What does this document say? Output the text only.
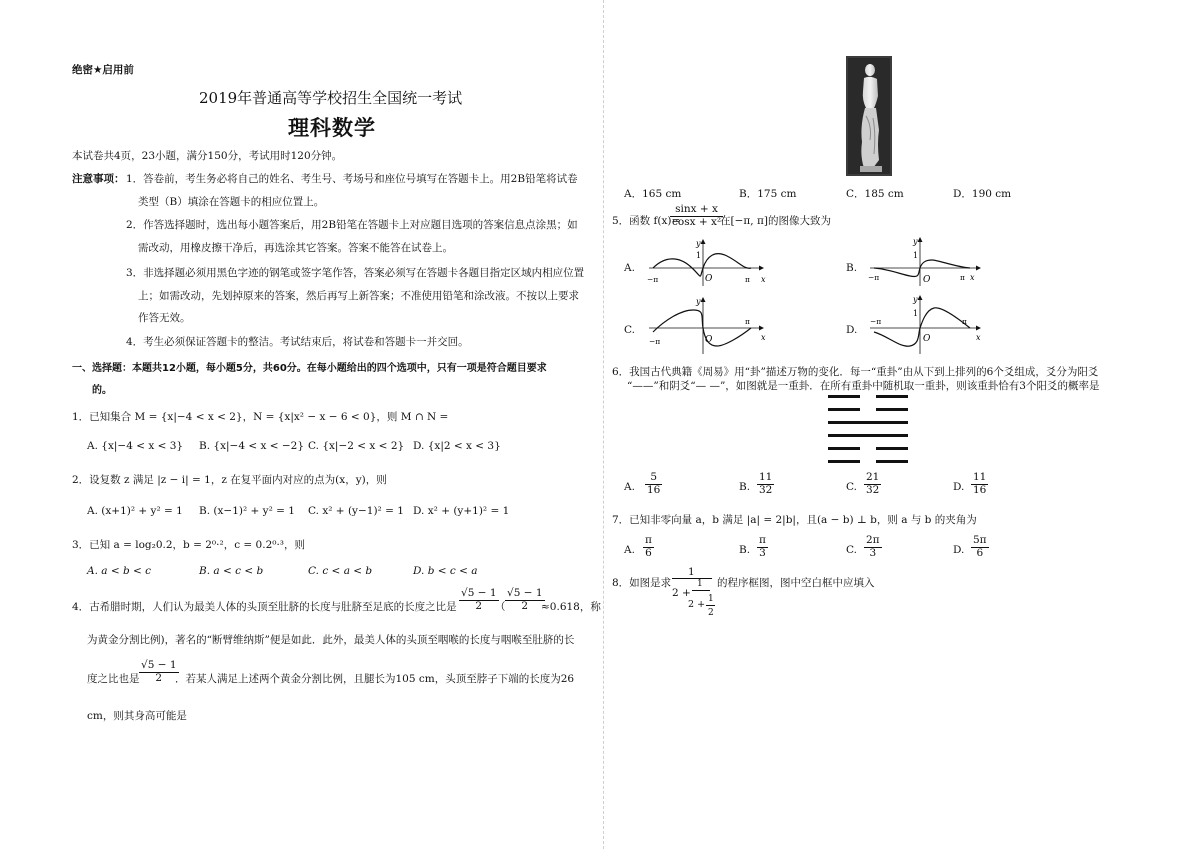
绝密★启用前
2019年普通高等学校招生全国统一考试
理科数学
本试卷共4页，23小题，满分150分，考试用时120分钟。
注意事项： 1．答卷前，考生务必将自己的姓名、考生号、考场号和座位号填写在答题卡上。用2B铅笔将试卷
类型（B）填涂在答题卡的相应位置上。
2．作答选择题时，选出每小题答案后，用2B铅笔在答题卡上对应题目选项的答案信息点涂黑；如
需改动，用橡皮擦干净后，再选涂其它答案。答案不能答在试卷上。
3．非选择题必须用黑色字迹的钢笔或签字笔作答，答案必须写在答题卡各题目指定区域内相应位置
上；如需改动，先划掉原来的答案，然后再写上新答案；不准使用铅笔和涂改液。不按以上要求
作答无效。
4．考生必须保证答题卡的整洁。考试结束后，将试卷和答题卡一并交回。
一、选择题：本题共12小题，每小题5分，共60分。在每小题给出的四个选项中，只有一项是符合题目要求
的。
1．已知集合 M = {x|−4 < x < 2}，N = {x|x² − x − 6 < 0}，则 M ∩ N =
A. {x|−4 < x < 3} B. {x|−4 < x < −2} C. {x|−2 < x < 2} D. {x|2 < x < 3}
2．设复数 z 满足 |z − i| = 1，z 在复平面内对应的点为(x，y)，则
A. (x+1)² + y² = 1 B. (x−1)² + y² = 1 C. x² + (y−1)² = 1 D. x² + (y+1)² = 1
3．已知 a = log₂0.2，b = 2⁰·²，c = 0.2⁰·³，则
A. a < b < c	B. a < c < b	C. c < a < b	D. b < c < a
4．古希腊时期，人们认为最美人体的头顶至肚脐的长度与肚脐至足底的长度之比是 $\frac{√5 - 1}{2}$
（ $\frac{√5 - 1}{2}$
≈0.618，称
为黄金分割比例)，著名的“断臂维纳斯”便是如此．此外，最美人体的头顶至咽喉的长度与咽喉至肚脐的长
度之比也是 $\frac{√5 - 1}{2}$
．若某人满足上述两个黄金分割比例，且腿长为105 cm，头顶至脖子下端的长度为26
cm，则其身高可能是
A．165 cm	B．175 cm	C．185 cm	D．190 cm
5．函数 f(x)=
$\frac{\sin x + x}{\text{cosx + x²}}$
在[−π, π]的图像大致为
A.	B.
C.	D.
y
x
1
O
−π	π
y
x
1
O
−π	π
y
x
O
−π
π
y
x
1
O
−π	π
6．我国古代典籍《周易》用“卦”描述万物的变化．每一“重卦”由从下到上排列的6个爻组成，爻分为阳爻
“——”和阴爻“— —”，如图就是一重卦．在所有重卦中随机取一重卦，则该重卦恰有3个阳爻的概率是
A. $\frac{5}{16}$	B. $\frac{11}{32}$	C. $\frac{21}{32}$	D. $\frac{11}{16}$
7．已知非零向量 a，b 满足 |a| = 2|b|，且(a − b) ⊥ b，则 a 与 b 的夹角为
A. $\frac{\pi}{6}$	B. $\frac{\pi}{3}$	C. $\frac{2\pi}{3}$	D. $\frac{5\pi}{6}$
8．如图是求
1
2 +
1
2 + 1
2
的程序框图，图中空白框中应填入
